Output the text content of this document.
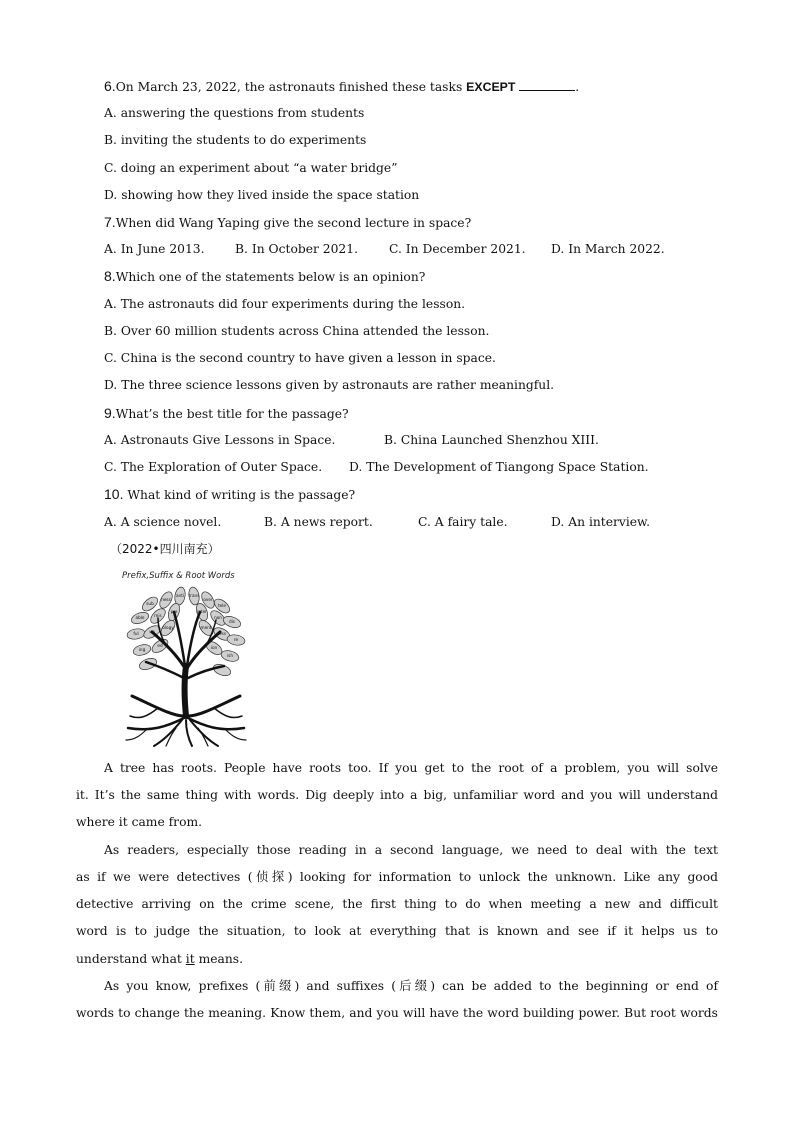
6.On March 23, 2022, the astronauts finished these tasks EXCEPT	.
A. answering the questions from students
B. inviting the students to do experiments
C. doing an experiment about “a water bridge”
D. showing how they lived inside the space station
7.When did Wang Yaping give the second lecture in space?
A. In June 2013. B. In October 2021.	C. In December 2021. D. In March 2022.
8.Which one of the statements below is an opinion?
A. The astronauts did four experiments during the lesson.
B. Over 60 million students across China attended the lesson.
C. China is the second country to have given a lesson in space.
D. The three science lessons given by astronauts are rather meaningful.
9.What’s the best title for the passage?
A. Astronauts Give Lessons in Space.	B. China Launched Shenzhou XIII.
C. The Exploration of Outer Space. D. The Development of Tiangong Space Station.
10. What kind of writing is the passage?
A. A science novel.	B. A news report.	C. A fairy tale.	D. An interview.
（2022•四川南充）
Prefix,Suffix & Root Words
sub
ness
anti trans
over
tele
able mis
pre	inter
non
dis
ful	un
ology	ment
less
re
ing
ed	ion
ish
A tree has roots. People have roots too. If you get to the root of a problem, you will solve
it. It’s the same thing with words. Dig deeply into a big, unfamiliar word and you will understand
where it came from.
As readers, especially those reading in a second language, we need to deal with the text
as if we were detectives (侦探) looking for information to unlock the unknown. Like any good
detective arriving on the crime scene, the first thing to do when meeting a new and difficult
word is to judge the situation, to look at everything that is known and see if it helps us to
understand what it means.
As you know, prefixes (前缀) and suffixes (后缀) can be added to the beginning or end of
words to change the meaning. Know them, and you will have the word building power. But root words
